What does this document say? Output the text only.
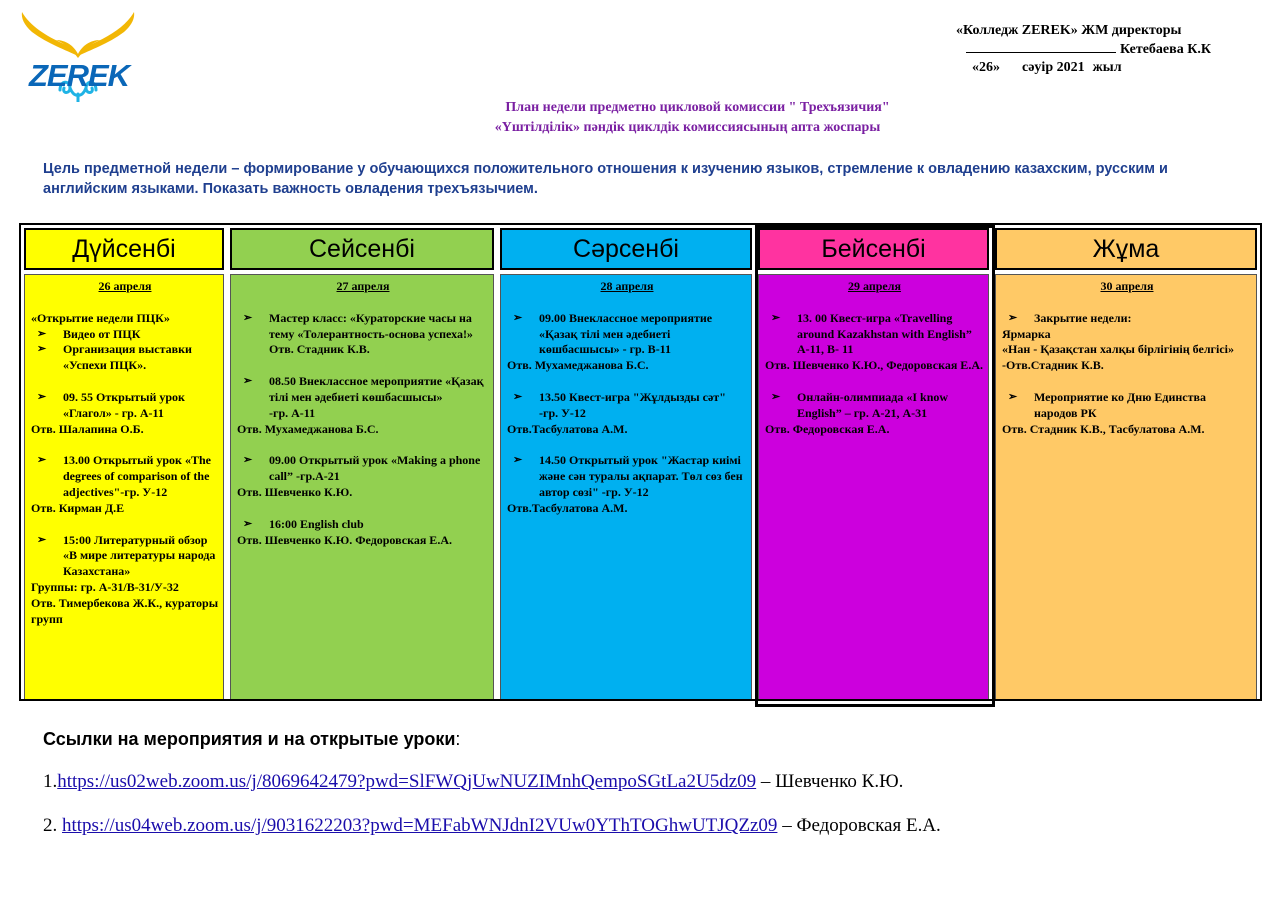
ZEREK
«Колледж ZEREK» ЖМ директоры
Кетебаева К.К
«26» сәуір 2021 жыл
План недели предметно цикловой комиссии " Трехъязичия"
«Үштілділік» пәндік циклдік комиссиясының апта жоспары
Цель предметной недели – формирование у обучающихся положительного отношения к изучению языков, стремление к овладению казахским, русским и английским языками. Показать важность овладения трехъязычием.
Дүйсенбі
26 апреля
«Открытие недели ПЦК»
➢ Видео от ПЦК
➢ Организация выставки «Успехи ПЦК».
➢ 09. 55 Открытый урок «Глагол» - гр. А-11
Отв. Шалапина О.Б.
➢ 13.00 Открытый урок «The degrees of comparison of the adjectives"-гр. У-12
Отв. Кирман Д.Е
➢ 15:00 Литературный обзор «В мире литературы народа Казахстана»
Группы: гр. А-31/В-31/У-32
Отв. Тимербекова Ж.К., кураторы групп
Сейсенбі
27 апреля
➢ Мастер класс: «Кураторские часы на тему «Толерантность-основа успеха!» Отв. Стадник К.В.
➢ 08.50 Внеклассное мероприятие «Қазақ тілі мен әдебиеті көшбасшысы»
-гр. А-11
Отв. Мухамеджанова Б.С.
➢ 09.00 Открытый урок «Making a phone call” -гр.А-21
Отв. Шевченко К.Ю.
➢ 16:00 English club
Отв. Шевченко К.Ю. Федоровская Е.А.
Сәрсенбі
28 апреля
➢ 09.00 Внеклассное мероприятие «Қазақ тілі мен әдебиеті көшбасшысы» - гр. В-11
Отв. Мухамеджанова Б.С.
➢ 13.50 Квест-игра "Жұлдызды сәт" -гр. У-12
Отв.Тасбулатова А.М.
➢ 14.50 Открытый урок "Жастар киімі және сән туралы ақпарат. Төл сөз бен автор сөзі" -гр. У-12
Отв.Тасбулатова А.М.
Бейсенбі
29 апреля
➢ 13. 00 Квест-игра «Travelling around Kazakhstan with English” А-11, В- 11
Отв. Шевченко К.Ю., Федоровская Е.А.
➢ Онлайн-олимпиада «I know English” – гр. А-21, А-31
Отв. Федоровская Е.А.
Жұма
30 апреля
➢ Закрытие недели:
Ярмарка
«Нан - Қазақстан халқы бірлігінің белгісі» -Отв.Стадник К.В.
➢ Мероприятие ко Дню Единства народов РК
Отв. Стадник К.В., Тасбулатова А.М.
Ссылки на мероприятия и на открытые уроки:
1.https://us02web.zoom.us/j/8069642479?pwd=SlFWQjUwNUZIMnhQempoSGtLa2U5dz09 – Шевченко К.Ю.
2. https://us04web.zoom.us/j/9031622203?pwd=MEFabWNJdnI2VUw0YThTOGhwUTJQZz09 – Федоровская Е.А.
